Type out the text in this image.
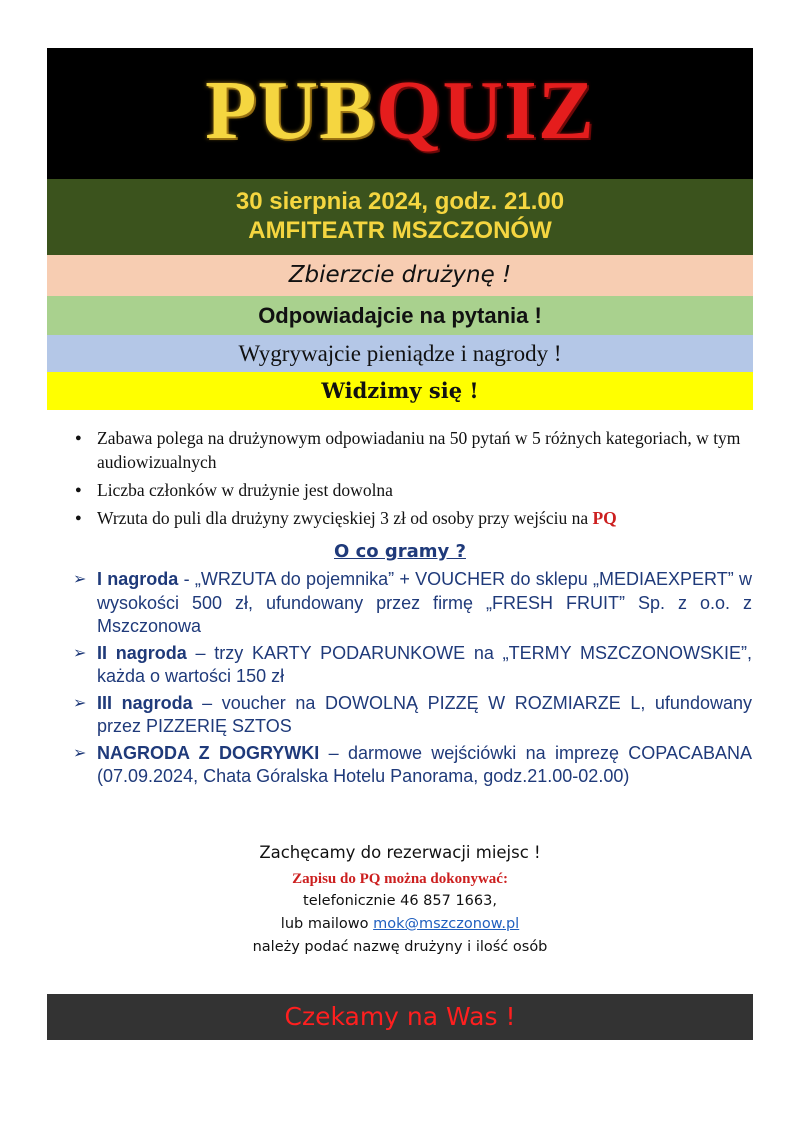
PUBQUIZ
30 sierpnia 2024, godz. 21.00
AMFITEATR MSZCZONÓW
Zbierzcie drużynę !
Odpowiadajcie na pytania !
Wygrywajcie pieniądze i nagrody !
Widzimy się !
● Zabawa polega na drużynowym odpowiadaniu na 50 pytań w 5 różnych kategoriach, w tym audiowizualnych
● Liczba członków w drużynie jest dowolna
● Wrzuta do puli dla drużyny zwycięskiej 3 zł od osoby przy wejściu na PQ
O co gramy ?
➢ I nagroda - „WRZUTA do pojemnika” + VOUCHER do sklepu „MEDIAEXPERT” w wysokości 500 zł, ufundowany przez firmę „FRESH FRUIT” Sp. z o.o. z Mszczonowa
➢ II nagroda – trzy KARTY PODARUNKOWE na „TERMY MSZCZONOWSKIE”, każda o wartości 150 zł
➢ III nagroda – voucher na DOWOLNĄ PIZZĘ W ROZMIARZE L, ufundowany przez PIZZERIĘ SZTOS
➢ NAGRODA Z DOGRYWKI – darmowe wejściówki na imprezę COPACABANA (07.09.2024, Chata Góralska Hotelu Panorama, godz.21.00-02.00)
Zachęcamy do rezerwacji miejsc !
Zapisu do PQ można dokonywać:
telefonicznie 46 857 1663,
lub mailowo mok@mszczonow.pl
należy podać nazwę drużyny i ilość osób
Czekamy na Was !
